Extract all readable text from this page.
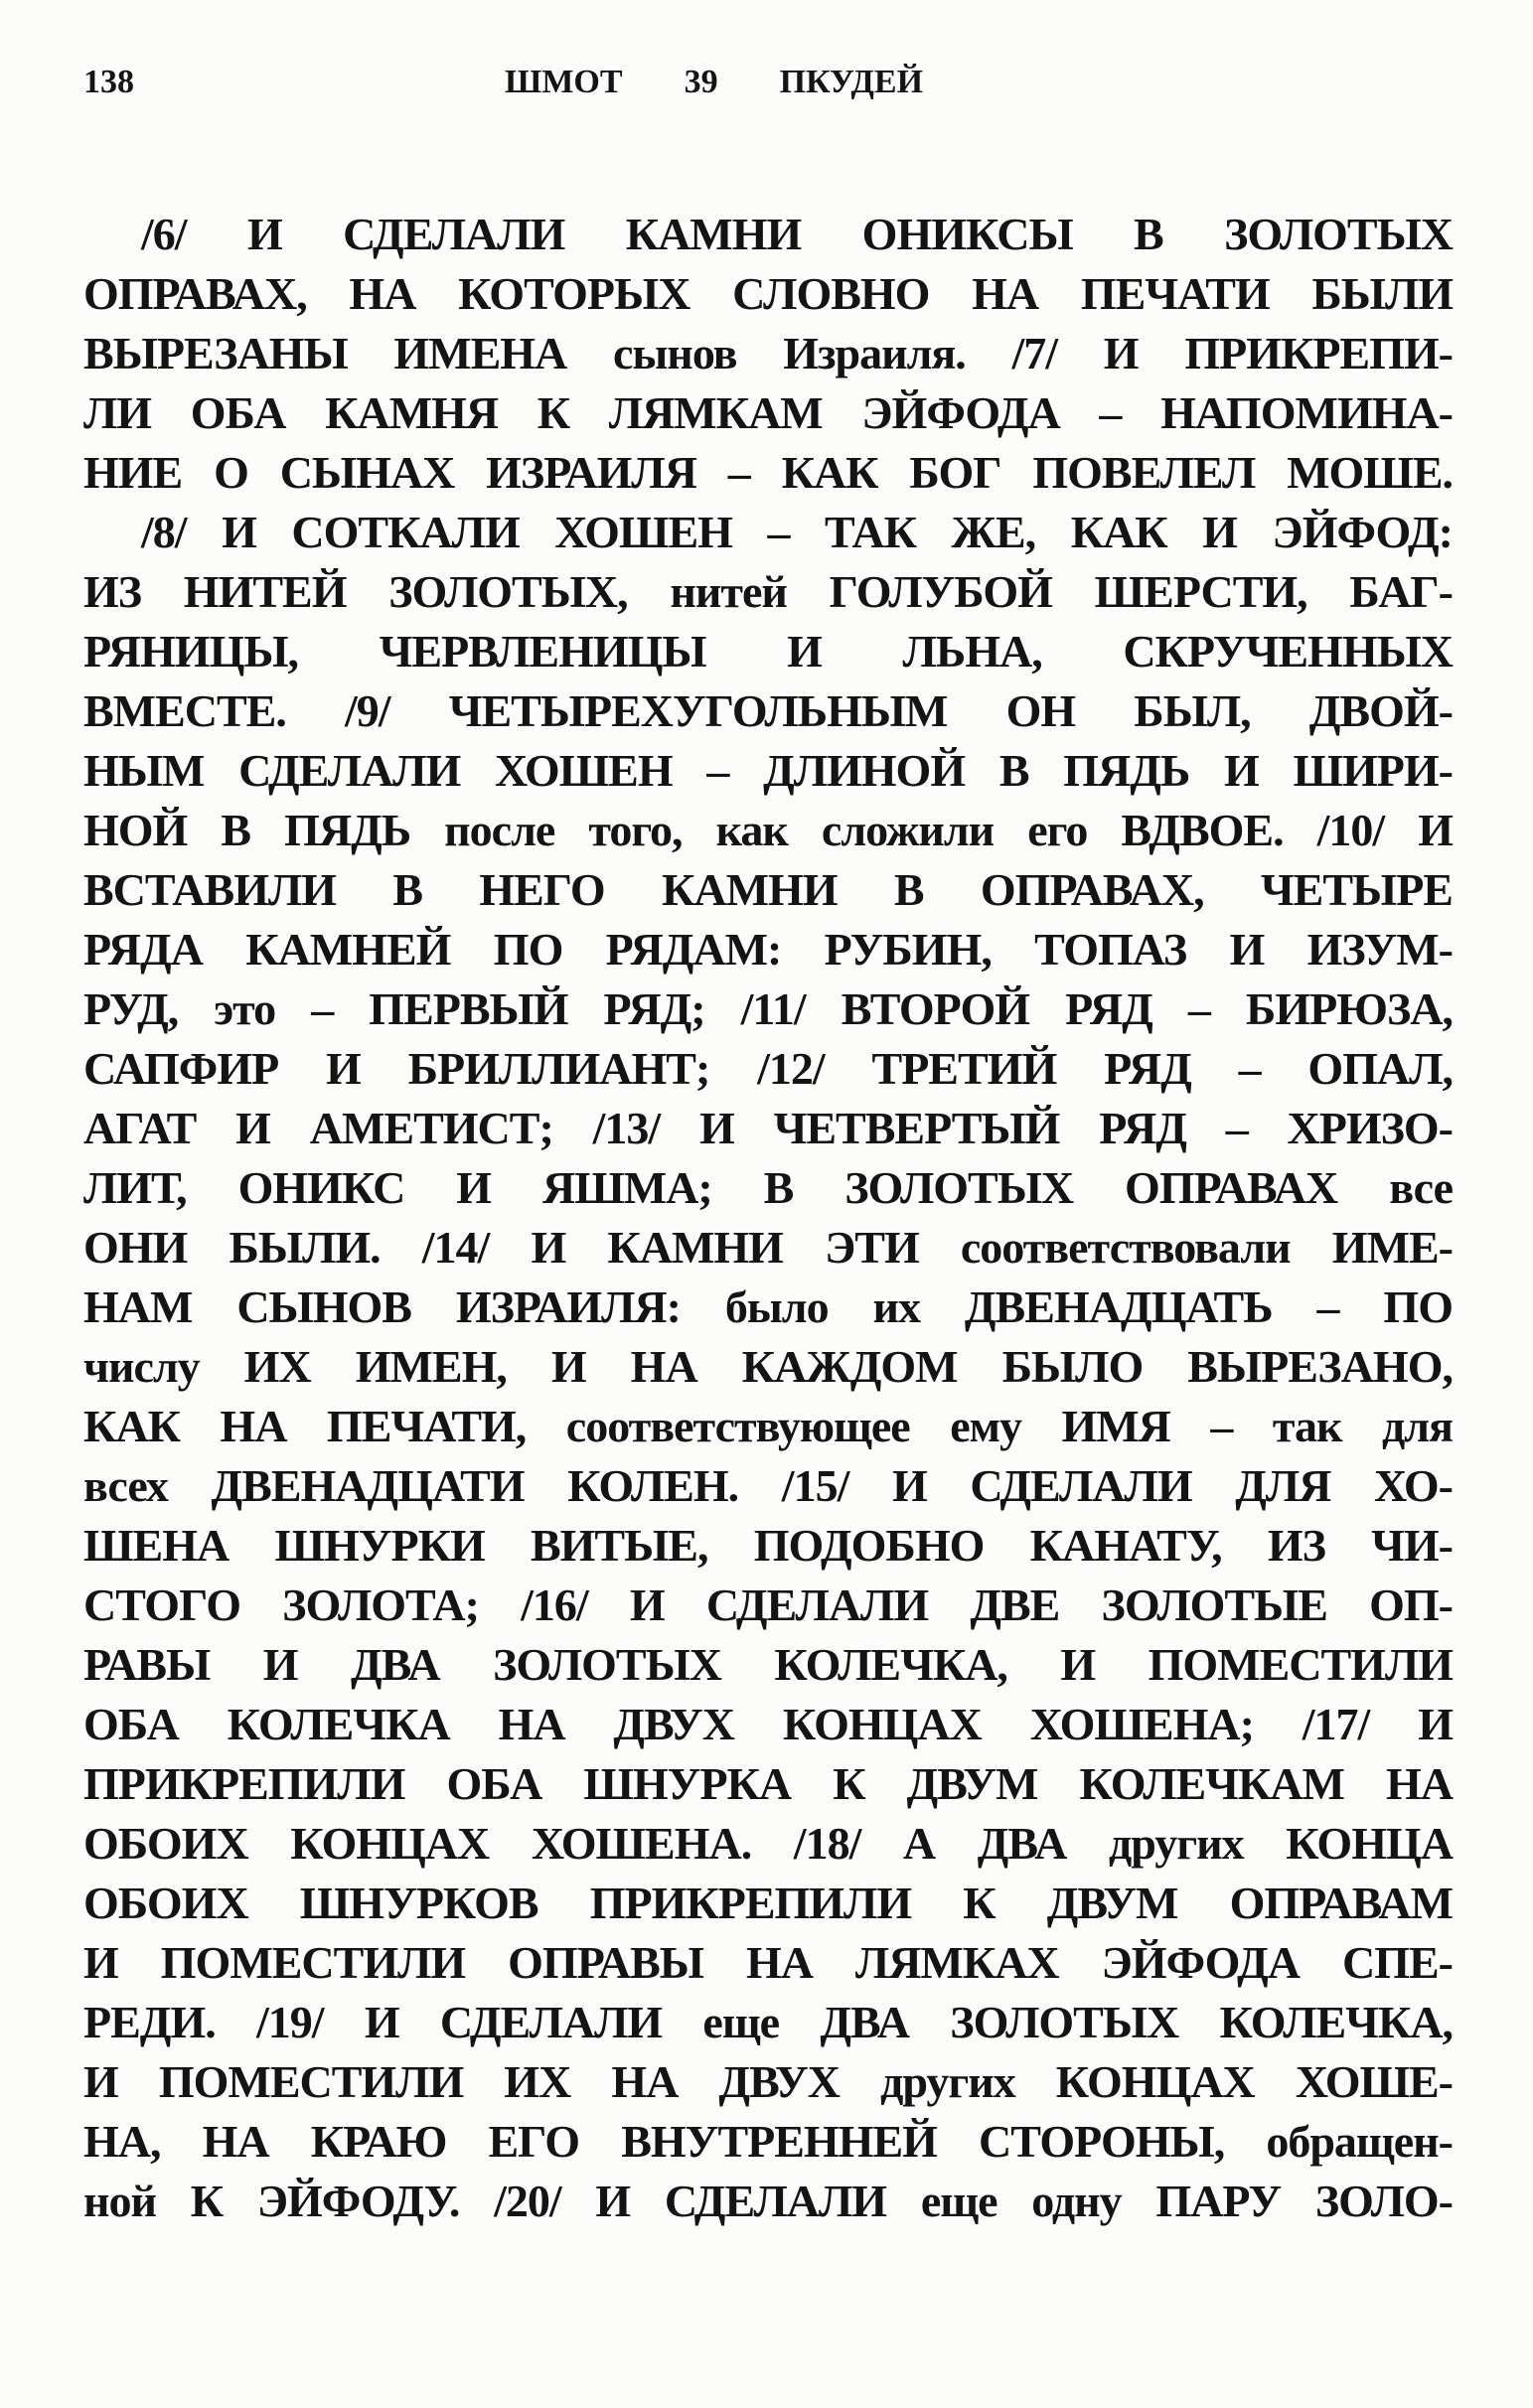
138	ШМОТ 39 ПКУДЕЙ
/6/ И СДЕЛАЛИ КАМНИ ОНИКСЫ В ЗОЛОТЫХ
ОПРАВАХ, НА КОТОРЫХ СЛОВНО НА ПЕЧАТИ БЫЛИ
ВЫРЕЗАНЫ ИМЕНА сынов Израиля. /7/ И ПРИКРЕПИ-
ЛИ ОБА КАМНЯ К ЛЯМКАМ ЭЙФОДА – НАПОМИНА-
НИЕ О СЫНАХ ИЗРАИЛЯ – КАК БОГ ПОВЕЛЕЛ МОШЕ.
/8/ И СОТКАЛИ ХОШЕН – ТАК ЖЕ, КАК И ЭЙФОД:
ИЗ НИТЕЙ ЗОЛОТЫХ, нитей ГОЛУБОЙ ШЕРСТИ, БАГ-
РЯНИЦЫ, ЧЕРВЛЕНИЦЫ И ЛЬНА, СКРУЧЕННЫХ
ВМЕСТЕ. /9/ ЧЕТЫРЕХУГОЛЬНЫМ ОН БЫЛ, ДВОЙ-
НЫМ СДЕЛАЛИ ХОШЕН – ДЛИНОЙ В ПЯДЬ И ШИРИ-
НОЙ В ПЯДЬ после того, как сложили его ВДВОЕ. /10/ И
ВСТАВИЛИ В НЕГО КАМНИ В ОПРАВАХ, ЧЕТЫРЕ
РЯДА КАМНЕЙ ПО РЯДАМ: РУБИН, ТОПАЗ И ИЗУМ-
РУД, это – ПЕРВЫЙ РЯД; /11/ ВТОРОЙ РЯД – БИРЮЗА,
САПФИР И БРИЛЛИАНТ; /12/ ТРЕТИЙ РЯД – ОПАЛ,
АГАТ И АМЕТИСТ; /13/ И ЧЕТВЕРТЫЙ РЯД – ХРИЗО-
ЛИТ, ОНИКС И ЯШМА; В ЗОЛОТЫХ ОПРАВАХ все
ОНИ БЫЛИ. /14/ И КАМНИ ЭТИ соответствовали ИМЕ-
НАМ СЫНОВ ИЗРАИЛЯ: было их ДВЕНАДЦАТЬ – ПО
числу ИХ ИМЕН, И НА КАЖДОМ БЫЛО ВЫРЕЗАНО,
КАК НА ПЕЧАТИ, соответствующее ему ИМЯ – так для
всех ДВЕНАДЦАТИ КОЛЕН. /15/ И СДЕЛАЛИ ДЛЯ ХО-
ШЕНА ШНУРКИ ВИТЫЕ, ПОДОБНО КАНАТУ, ИЗ ЧИ-
СТОГО ЗОЛОТА; /16/ И СДЕЛАЛИ ДВЕ ЗОЛОТЫЕ ОП-
РАВЫ И ДВА ЗОЛОТЫХ КОЛЕЧКА, И ПОМЕСТИЛИ
ОБА КОЛЕЧКА НА ДВУХ КОНЦАХ ХОШЕНА; /17/ И
ПРИКРЕПИЛИ ОБА ШНУРКА К ДВУМ КОЛЕЧКАМ НА
ОБОИХ КОНЦАХ ХОШЕНА. /18/ А ДВА других КОНЦА
ОБОИХ ШНУРКОВ ПРИКРЕПИЛИ К ДВУМ ОПРАВАМ
И ПОМЕСТИЛИ ОПРАВЫ НА ЛЯМКАХ ЭЙФОДА СПЕ-
РЕДИ. /19/ И СДЕЛАЛИ еще ДВА ЗОЛОТЫХ КОЛЕЧКА,
И ПОМЕСТИЛИ ИХ НА ДВУХ других КОНЦАХ ХОШЕ-
НА, НА КРАЮ ЕГО ВНУТРЕННЕЙ СТОРОНЫ, обращен-
ной К ЭЙФОДУ. /20/ И СДЕЛАЛИ еще одну ПАРУ ЗОЛО-
